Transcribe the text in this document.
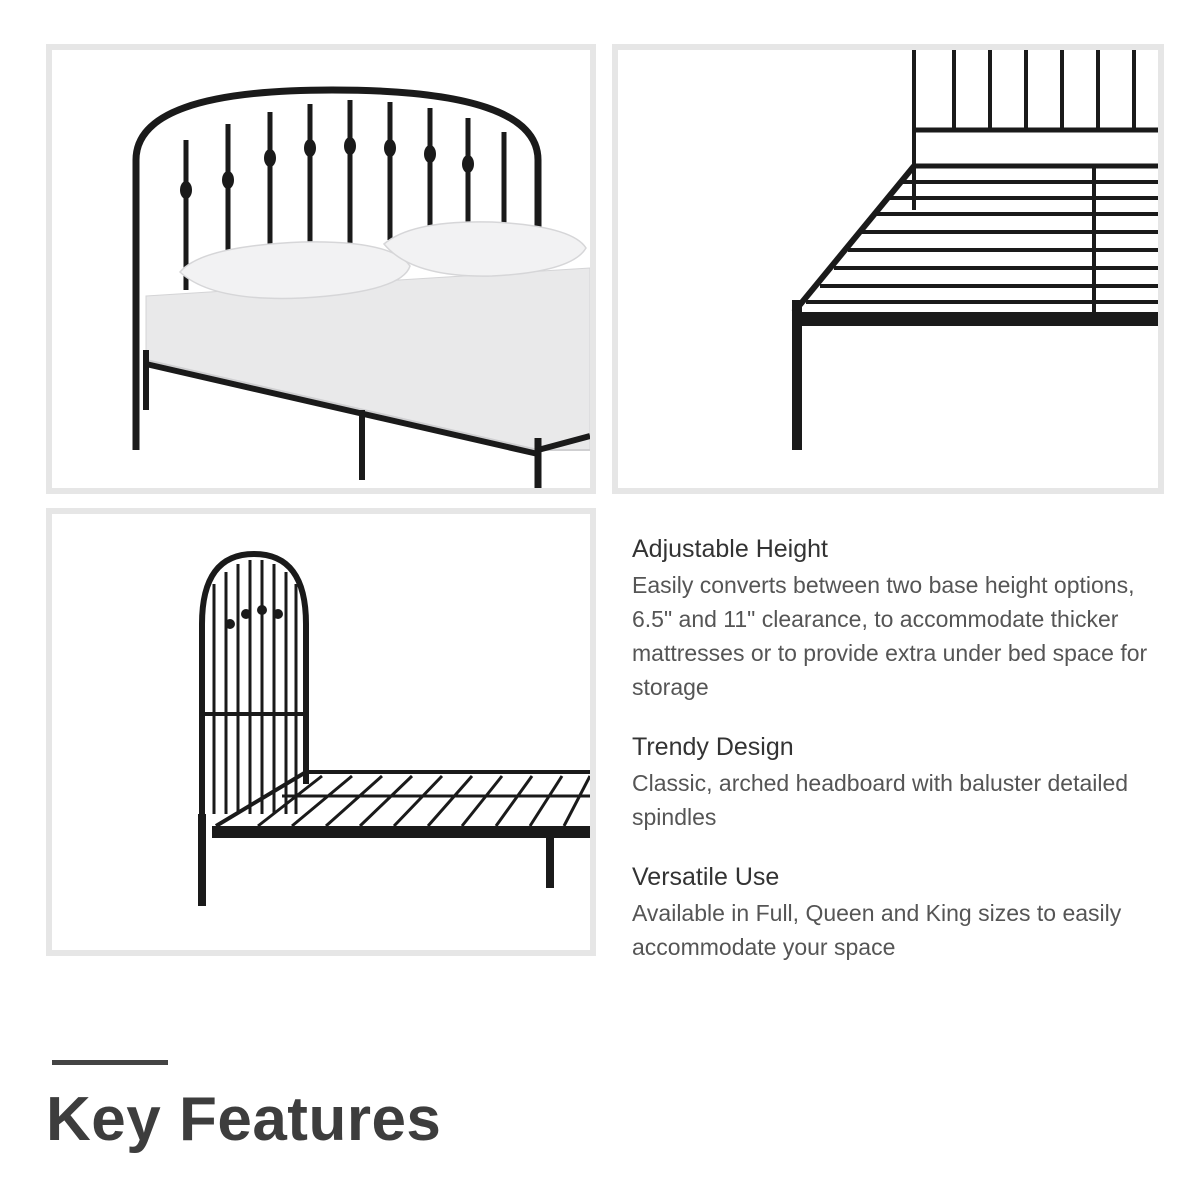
Adjustable Height

Easily converts between two base height options, 6.5" and 11" clearance, to accommodate thicker mattresses or to provide extra under bed space for storage

Trendy Design

Classic, arched headboard with baluster detailed spindles

Versatile Use

Available in Full, Queen and King sizes to easily accommodate your space

Key Features
